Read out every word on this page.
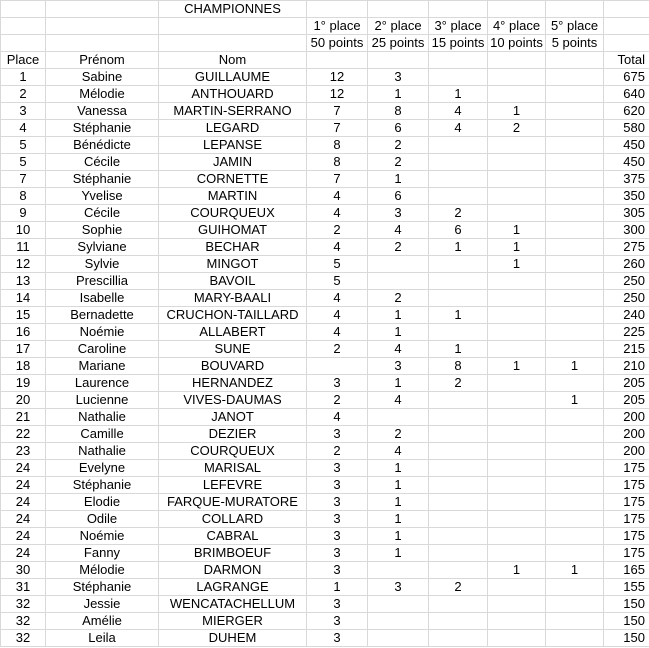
		CHAMPIONNES						
			1° place	2° place	3° place	4° place	5° place	
			50 points	25 points	15 points	10 points	5 points	
Place	Prénom	Nom						Total
1	Sabine	GUILLAUME	12	3				675
2	Mélodie	ANTHOUARD	12	1	1			640
3	Vanessa	MARTIN-SERRANO	7	8	4	1		620
4	Stéphanie	LEGARD	7	6	4	2		580
5	Bénédicte	LEPANSE	8	2				450
5	Cécile	JAMIN	8	2				450
7	Stéphanie	CORNETTE	7	1				375
8	Yvelise	MARTIN	4	6				350
9	Cécile	COURQUEUX	4	3	2			305
10	Sophie	GUIHOMAT	2	4	6	1		300
11	Sylviane	BECHAR	4	2	1	1		275
12	Sylvie	MINGOT	5			1		260
13	Prescillia	BAVOIL	5					250
14	Isabelle	MARY-BAALI	4	2				250
15	Bernadette	CRUCHON-TAILLARD	4	1	1			240
16	Noémie	ALLABERT	4	1				225
17	Caroline	SUNE	2	4	1			215
18	Mariane	BOUVARD		3	8	1	1	210
19	Laurence	HERNANDEZ	3	1	2			205
20	Lucienne	VIVES-DAUMAS	2	4			1	205
21	Nathalie	JANOT	4					200
22	Camille	DEZIER	3	2				200
23	Nathalie	COURQUEUX	2	4				200
24	Evelyne	MARISAL	3	1				175
24	Stéphanie	LEFEVRE	3	1				175
24	Elodie	FARQUE-MURATORE	3	1				175
24	Odile	COLLARD	3	1				175
24	Noémie	CABRAL	3	1				175
24	Fanny	BRIMBOEUF	3	1				175
30	Mélodie	DARMON	3			1	1	165
31	Stéphanie	LAGRANGE	1	3	2			155
32	Jessie	WENCATACHELLUM	3					150
32	Amélie	MIERGER	3					150
32	Leila	DUHEM	3					150
